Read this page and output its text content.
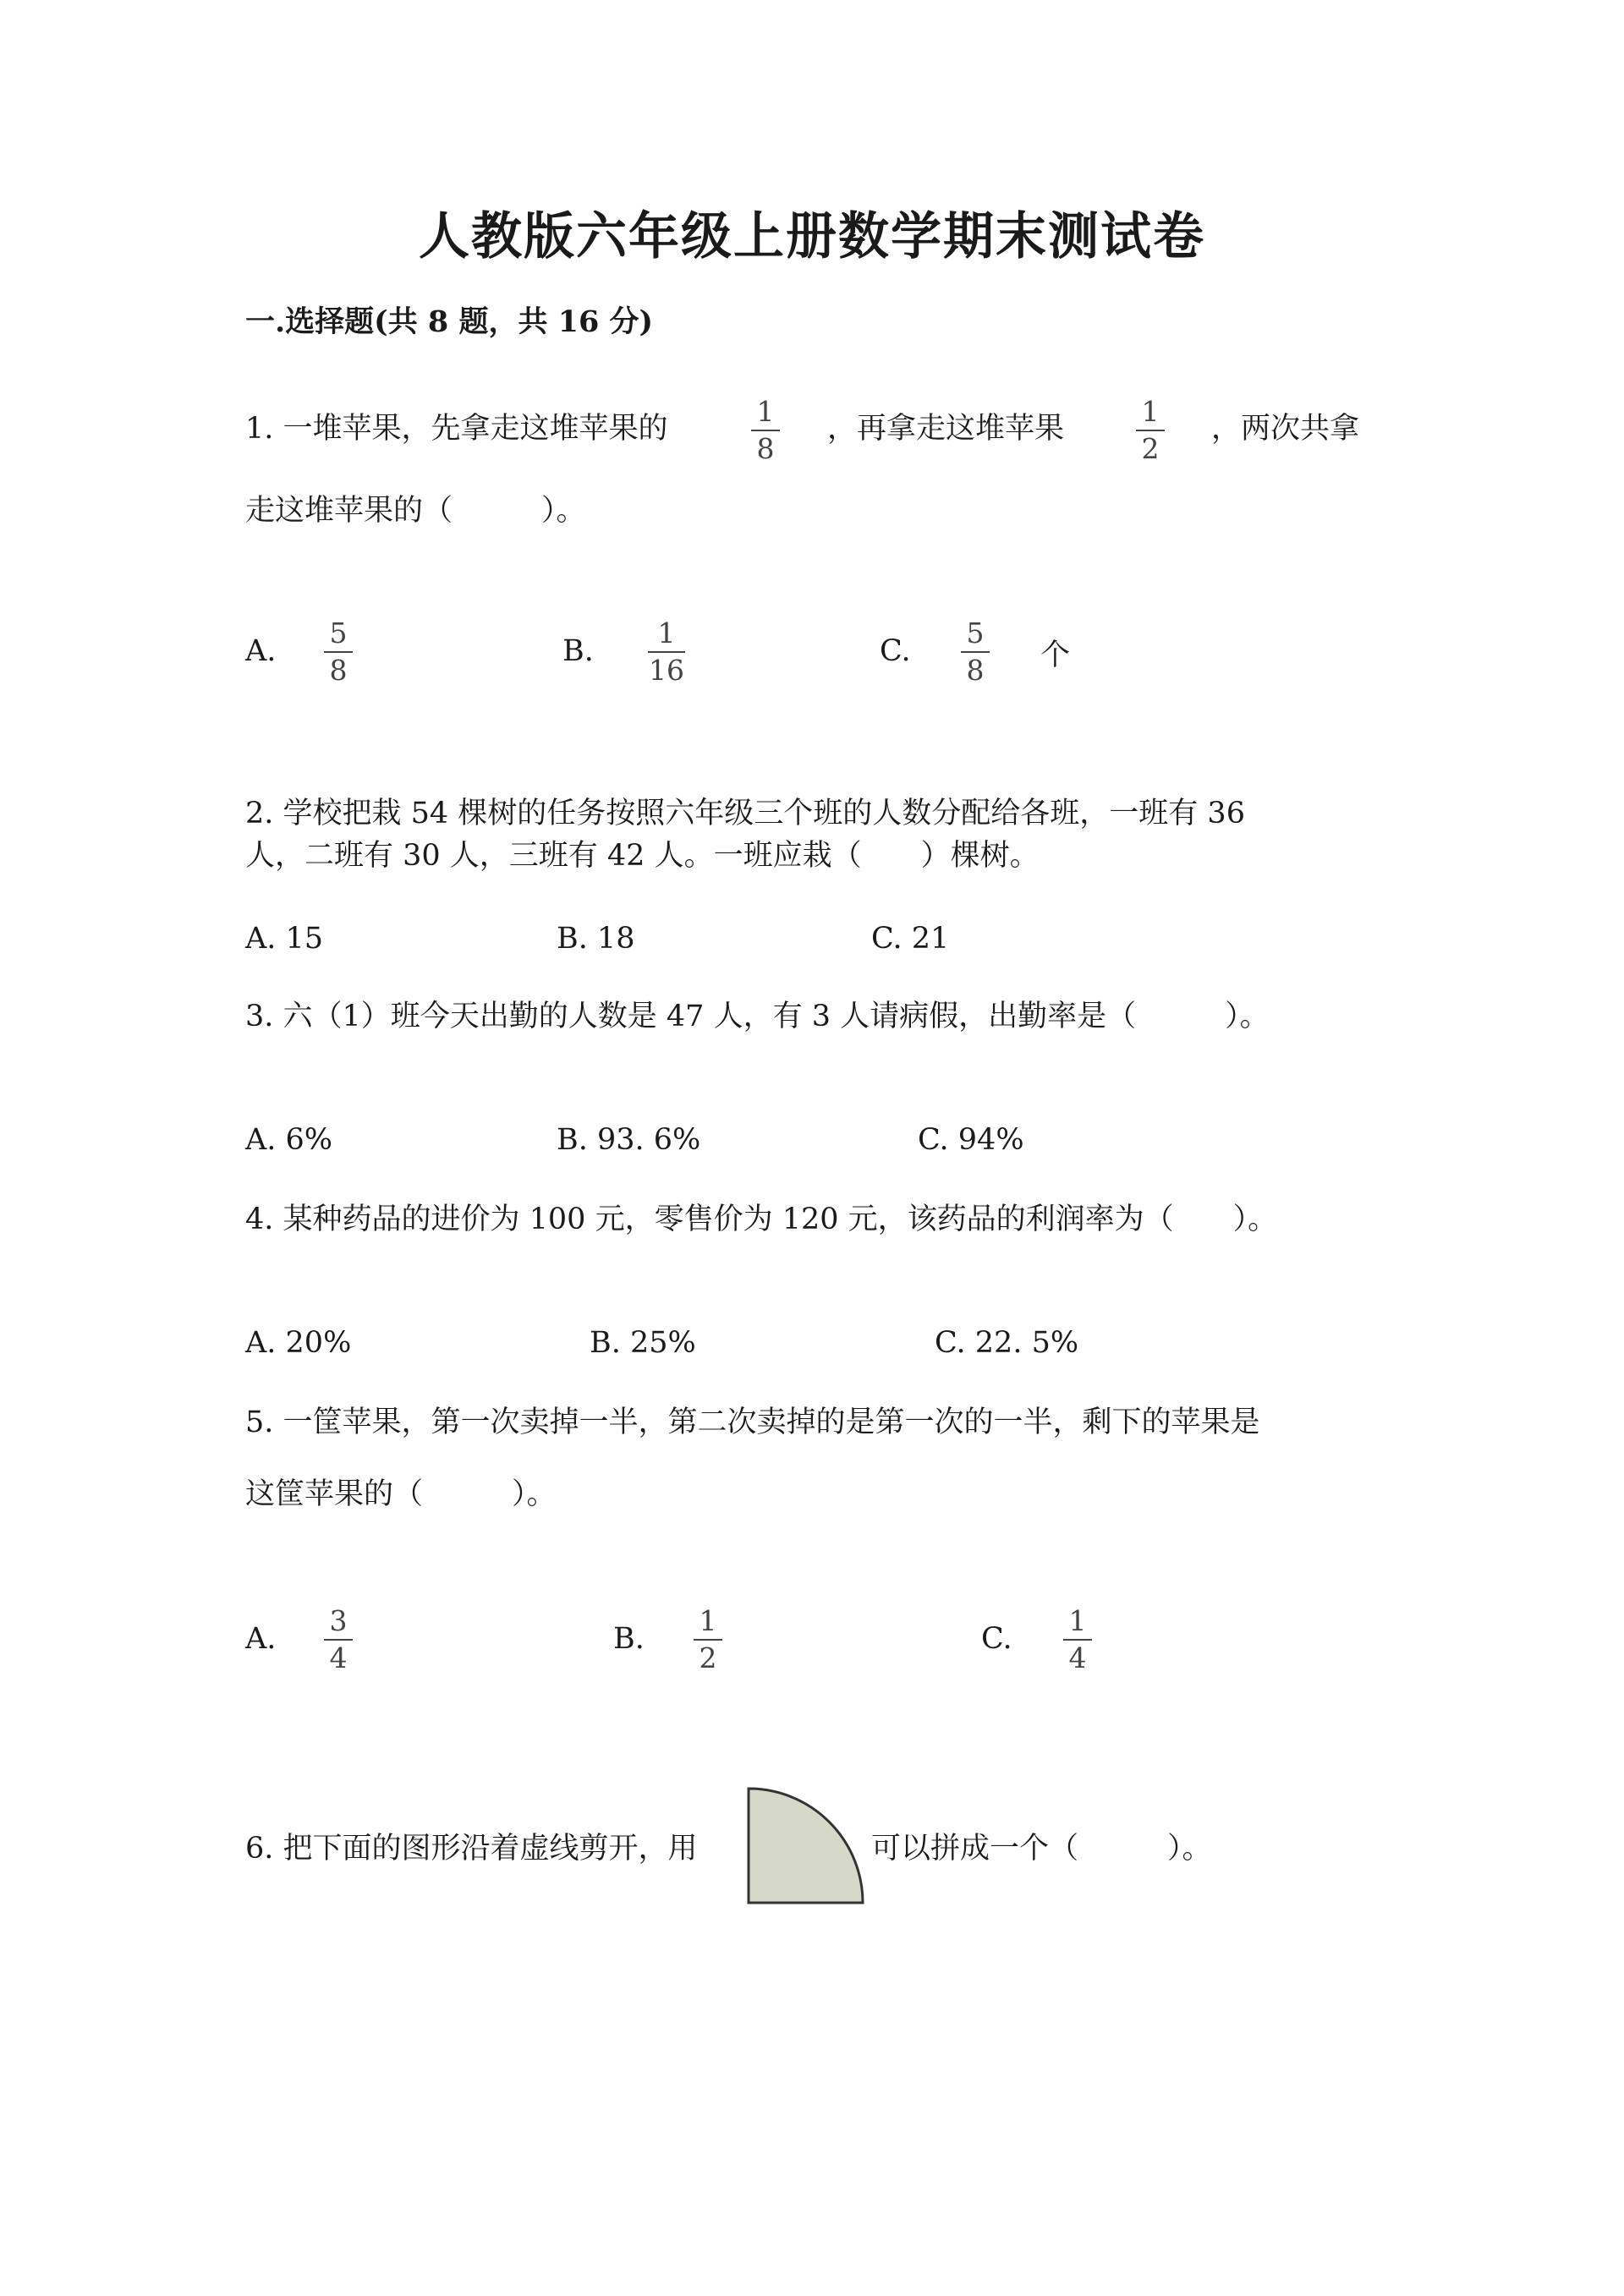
人教版六年级上册数学期末测试卷
一.选择题(共 8 题，共 16 分)
1. 一堆苹果，先拿走这堆苹果的
1
8
，再拿走这堆苹果
1
2
，两次共拿
走这堆苹果的（　　　）。
A.
5
8
B.
1
16
C.
5
8 个
2. 学校把栽 54 棵树的任务按照六年级三个班的人数分配给各班，一班有 36
人，二班有 30 人，三班有 42 人。一班应栽（　　）棵树。
A. 15	B. 18	C. 21
3. 六（1）班今天出勤的人数是 47 人，有 3 人请病假，出勤率是（　　　）。
A. 6%	B. 93. 6%	C. 94%
4. 某种药品的进价为 100 元，零售价为 120 元，该药品的利润率为（　　）。
A. 20%	B. 25%	C. 22. 5%
5. 一筐苹果，第一次卖掉一半，第二次卖掉的是第一次的一半，剩下的苹果是
这筐苹果的（　　　）。
A.
3
4
B.
1
2
C.
1
4
6. 把下面的图形沿着虚线剪开，用	可以拼成一个（　　　）。
